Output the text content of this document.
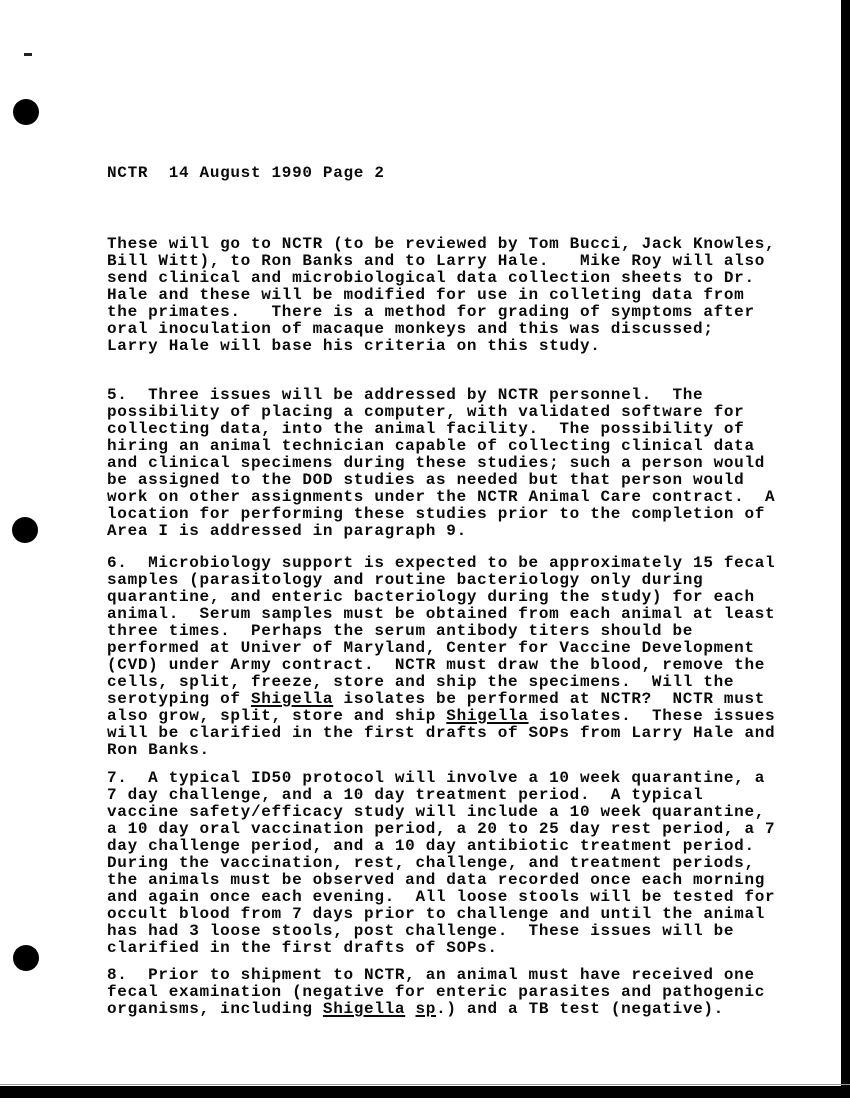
NCTR  14 August 1990 Page 2

These will go to NCTR (to be reviewed by Tom Bucci, Jack Knowles,
Bill Witt), to Ron Banks and to Larry Hale.   Mike Roy will also
send clinical and microbiological data collection sheets to Dr.
Hale and these will be modified for use in colleting data from
the primates.   There is a method for grading of symptoms after
oral inoculation of macaque monkeys and this was discussed;
Larry Hale will base his criteria on this study.
5.  Three issues will be addressed by NCTR personnel.  The
possibility of placing a computer, with validated software for
collecting data, into the animal facility.  The possibility of
hiring an animal technician capable of collecting clinical data
and clinical specimens during these studies; such a person would
be assigned to the DOD studies as needed but that person would
work on other assignments under the NCTR Animal Care contract.  A
location for performing these studies prior to the completion of
Area I is addressed in paragraph 9.
6.  Microbiology support is expected to be approximately 15 fecal
samples (parasitology and routine bacteriology only during
quarantine, and enteric bacteriology during the study) for each
animal.  Serum samples must be obtained from each animal at least
three times.  Perhaps the serum antibody titers should be
performed at Univer of Maryland, Center for Vaccine Development
(CVD) under Army contract.  NCTR must draw the blood, remove the
cells, split, freeze, store and ship the specimens.  Will the
serotyping of Shigella isolates be performed at NCTR?  NCTR must
also grow, split, store and ship Shigella isolates.  These issues
will be clarified in the first drafts of SOPs from Larry Hale and
Ron Banks.
7.  A typical ID50 protocol will involve a 10 week quarantine, a
7 day challenge, and a 10 day treatment period.  A typical
vaccine safety/efficacy study will include a 10 week quarantine,
a 10 day oral vaccination period, a 20 to 25 day rest period, a 7
day challenge period, and a 10 day antibiotic treatment period.
During the vaccination, rest, challenge, and treatment periods,
the animals must be observed and data recorded once each morning
and again once each evening.  All loose stools will be tested for
occult blood from 7 days prior to challenge and until the animal
has had 3 loose stools, post challenge.  These issues will be
clarified in the first drafts of SOPs.
8.  Prior to shipment to NCTR, an animal must have received one
fecal examination (negative for enteric parasites and pathogenic
organisms, including Shigella sp.) and a TB test (negative).
